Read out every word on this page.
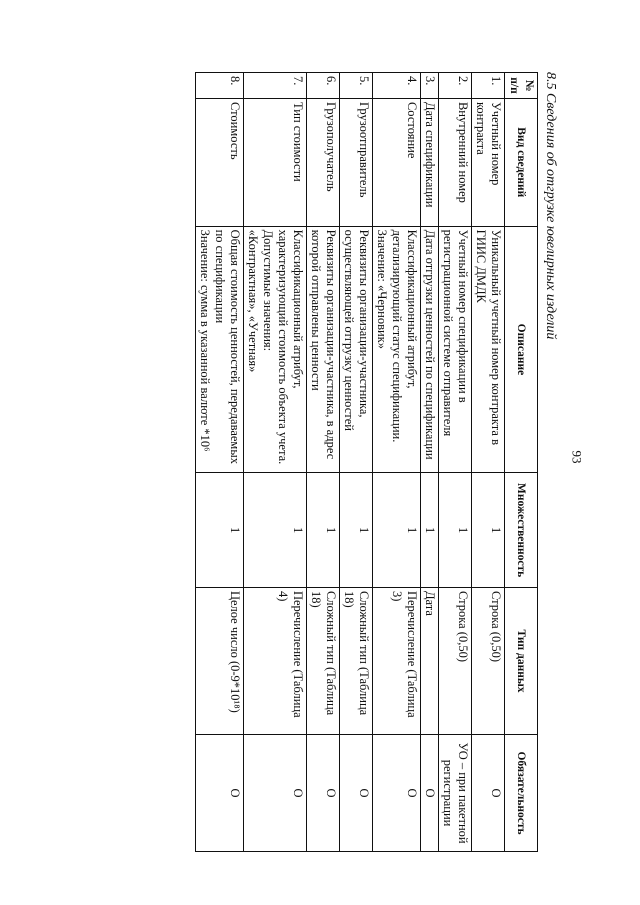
93
8.5 Сведения об отгрузке ювелирных изделий
№ п/п	Вид сведений	Описание	Множественность	Тип данных	Обязательность
1.	Учетный номер контракта	Уникальный учетный номер контракта в ГИИС ДМДК	1	Строка (0,50)	О
2.	Внутренний номер	Учетный номер спецификации в регистрационной системе отправителя	1	Строка (0,50)	УО – при пакетной регистрации
3.	Дата спецификации	Дата отгрузки ценностей по спецификации	1	Дата	О
4.	Состояние	Классификационный атрибут, детализирующий статус спецификации.
Значение: «Черновик»	1	Перечисление (Таблица 3)	О
5.	Грузоотправитель	Реквизиты организации-участника, осуществляющей отгрузку ценностей	1	Сложный тип (Таблица 18)	О
6.	Грузополучатель	Реквизиты организации-участника, в адрес которой отправлены ценности	1	Сложный тип (Таблица 18)	О
7.	Тип стоимости	Классификационный атрибут, характеризующий стоимость объекта учета.
Допустимые значения:
«Контрактная», «Учетная»	1	Перечисление (Таблица 4)	О
8.	Стоимость	Общая стоимость ценностей, передаваемых по спецификации
Значение: сумма в указанной валюте *10⁶	1	Целое число (0-9*10¹⁸)	О
